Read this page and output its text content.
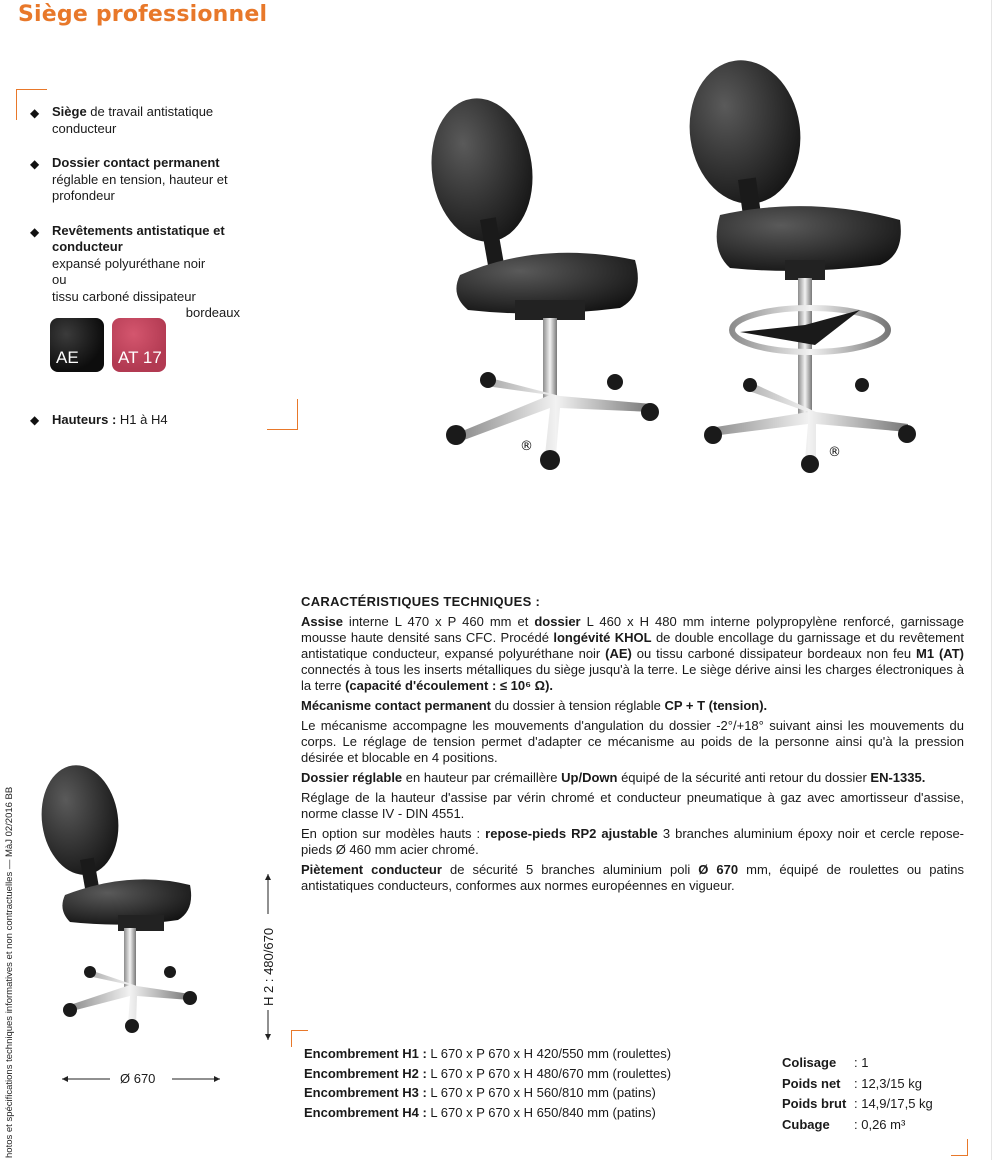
Siège professionnel
◆ Siège de travail antistatique conducteur
◆ Dossier contact permanent
réglable en tension, hauteur et profondeur
◆ Revêtements antistatique et conducteur
expansé polyuréthane noir
ou
tissu carboné dissipateur
bordeaux
AE AT 17
◆ Hauteurs : H1 à H4
®	®

CARACTÉRISTIQUES TECHNIQUES :

Assise interne L 470 x P 460 mm et dossier L 460 x H 480 mm interne polypropylène renforcé, garnissage mousse haute densité sans CFC. Procédé longévité KHOL de double encollage du garnissage et du revêtement antistatique conducteur, expansé polyuréthane noir (AE) ou tissu carboné dissipateur bordeaux non feu M1 (AT) connectés à tous les inserts métalliques du siège jusqu'à la terre. Le siège dérive ainsi les charges électroniques à la terre (capacité d'écoulement : ≤ 10⁶ Ω).

Mécanisme contact permanent du dossier à tension réglable CP + T (tension).

Le mécanisme accompagne les mouvements d'angulation du dossier -2°/+18° suivant ainsi les mouvements du corps. Le réglage de tension permet d'adapter ce mécanisme au poids de la personne ainsi qu'à la pression désirée et blocable en 4 positions.

Dossier réglable en hauteur par crémaillère Up/Down équipé de la sécurité anti retour du dossier EN-1335.

Réglage de la hauteur d'assise par vérin chromé et conducteur pneumatique à gaz avec amortisseur d'assise, norme classe IV - DIN 4551.

En option sur modèles hauts : repose-pieds RP2 ajustable 3 branches aluminium époxy noir et cercle repose-pieds Ø 460 mm acier chromé.

Piètement conducteur de sécurité 5 branches aluminium poli Ø 670 mm, équipé de roulettes ou patins antistatiques conducteurs, conformes aux normes européennes en vigueur.

Ø 670
H 2 : 480/670
Encombrement H1 : L 670 x P 670 x H 420/550 mm (roulettes)
Encombrement H2 : L 670 x P 670 x H 480/670 mm (roulettes)
Encombrement H3 : L 670 x P 670 x H 560/810 mm (patins)
Encombrement H4 : L 670 x P 670 x H 650/840 mm (patins)
Colisage : 1
Poids net : 12,3/15 kg
Poids brut : 14,9/17,5 kg
Cubage : 0,26 m³
hotos et spécifications techniques informatives et non contractuelles — MàJ 02/2016 BB
